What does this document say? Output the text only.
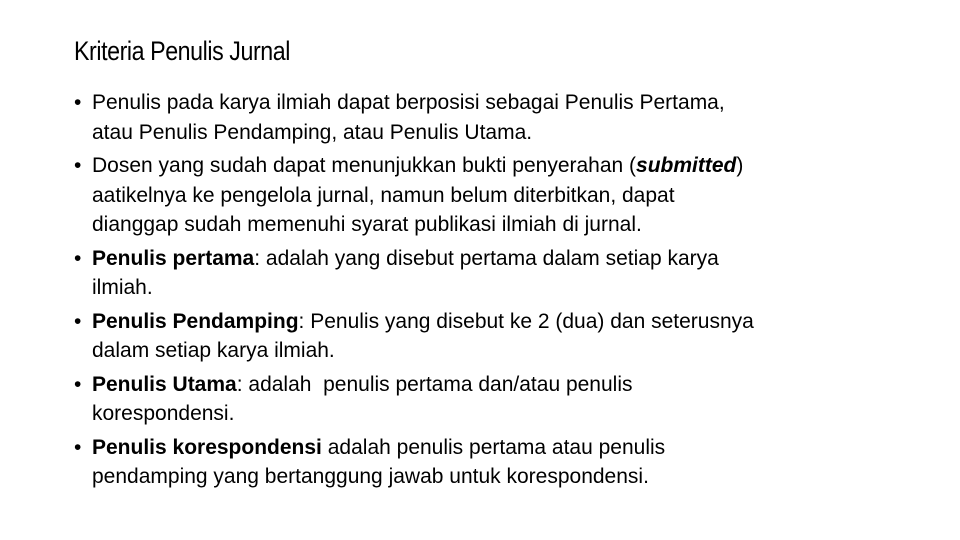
Kriteria Penulis Jurnal
• Penulis pada karya ilmiah dapat berposisi sebagai Penulis Pertama,
atau Penulis Pendamping, atau Penulis Utama.
• Dosen yang sudah dapat menunjukkan bukti penyerahan (submitted)
aatikelnya ke pengelola jurnal, namun belum diterbitkan, dapat
dianggap sudah memenuhi syarat publikasi ilmiah di jurnal.
• Penulis pertama: adalah yang disebut pertama dalam setiap karya
ilmiah.
• Penulis Pendamping: Penulis yang disebut ke 2 (dua) dan seterusnya
dalam setiap karya ilmiah.
• Penulis Utama: adalah  penulis pertama dan/atau penulis
korespondensi.
• Penulis korespondensi adalah penulis pertama atau penulis
pendamping yang bertanggung jawab untuk korespondensi.
